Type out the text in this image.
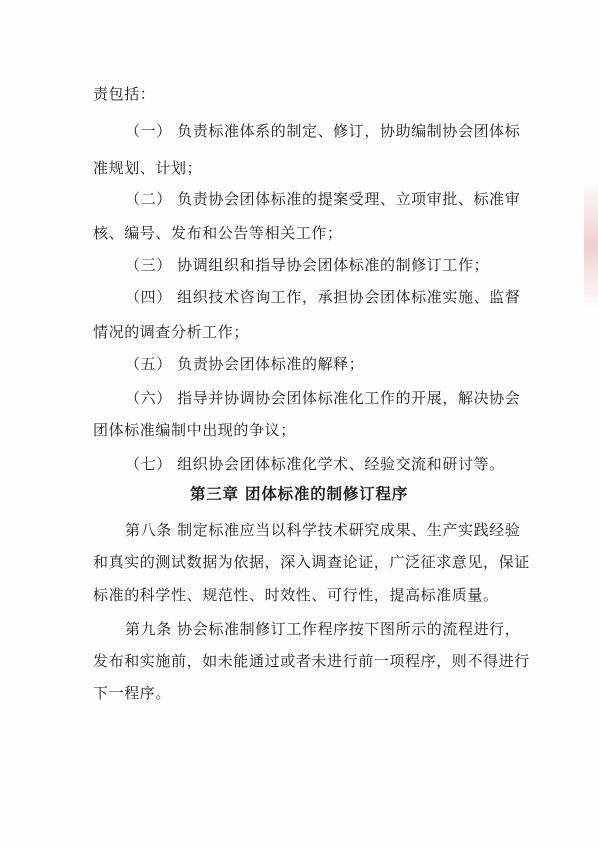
责包括：

（一） 负责标准体系的制定、修订，协助编制协会团体标

准规划、计划；

（二） 负责协会团体标准的提案受理、立项审批、标准审

核、编号、发布和公告等相关工作；

（三） 协调组织和指导协会团体标准的制修订工作；

（四） 组织技术咨询工作，承担协会团体标准实施、监督

情况的调查分析工作；

（五） 负责协会团体标准的解释；

（六） 指导并协调协会团体标准化工作的开展，解决协会

团体标准编制中出现的争议；

（七） 组织协会团体标准化学术、经验交流和研讨等。

第三章 团体标准的制修订程序

第八条 制定标准应当以科学技术研究成果、生产实践经验

和真实的测试数据为依据，深入调查论证，广泛征求意见，保证

标准的科学性、规范性、时效性、可行性，提高标准质量。

第九条 协会标准制修订工作程序按下图所示的流程进行，

发布和实施前，如未能通过或者未进行前一项程序，则不得进行

下一程序。
